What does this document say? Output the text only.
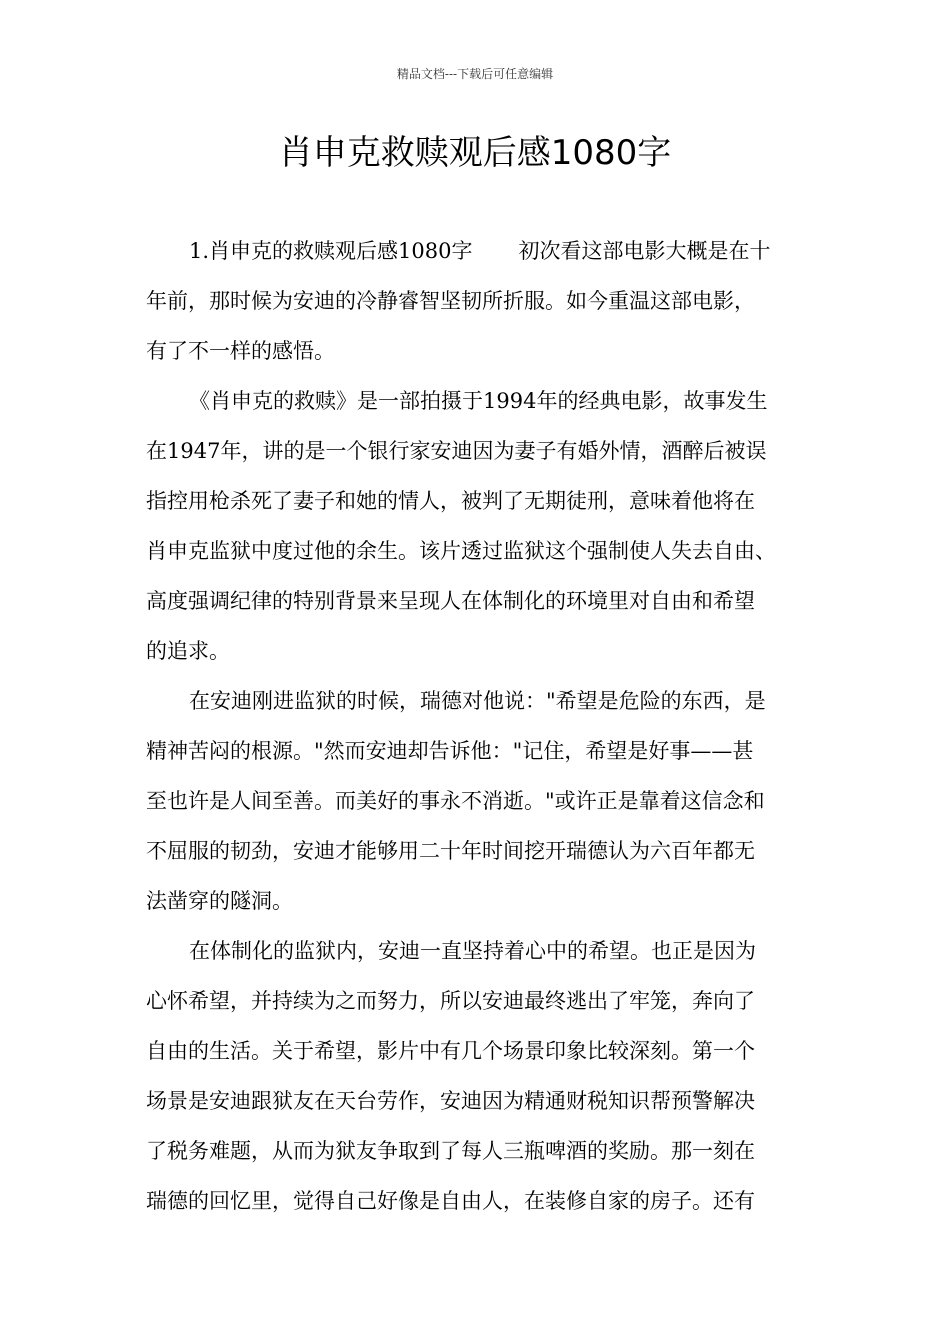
精品文档---下载后可任意编辑
肖申克救赎观后感1080字
1.肖申克的救赎观后感1080字 初次看这部电影大概是在十
年前，那时候为安迪的冷静睿智坚韧所折服。如今重温这部电影，
有了不一样的感悟。
《肖申克的救赎》是一部拍摄于1994年的经典电影，故事发生
在1947年，讲的是一个银行家安迪因为妻子有婚外情，酒醉后被误
指控用枪杀死了妻子和她的情人，被判了无期徒刑，意味着他将在
肖申克监狱中度过他的余生。该片透过监狱这个强制使人失去自由、
高度强调纪律的特别背景来呈现人在体制化的环境里对自由和希望
的追求。
在安迪刚进监狱的时候，瑞德对他说："希望是危险的东西，是
精神苦闷的根源。"然而安迪却告诉他："记住，希望是好事——甚
至也许是人间至善。而美好的事永不消逝。"或许正是靠着这信念和
不屈服的韧劲，安迪才能够用二十年时间挖开瑞德认为六百年都无
法凿穿的隧洞。
在体制化的监狱内，安迪一直坚持着心中的希望。也正是因为
心怀希望，并持续为之而努力，所以安迪最终逃出了牢笼，奔向了
自由的生活。关于希望，影片中有几个场景印象比较深刻。第一个
场景是安迪跟狱友在天台劳作，安迪因为精通财税知识帮预警解决
了税务难题，从而为狱友争取到了每人三瓶啤酒的奖励。那一刻在
瑞德的回忆里，觉得自己好像是自由人，在装修自家的房子。还有
